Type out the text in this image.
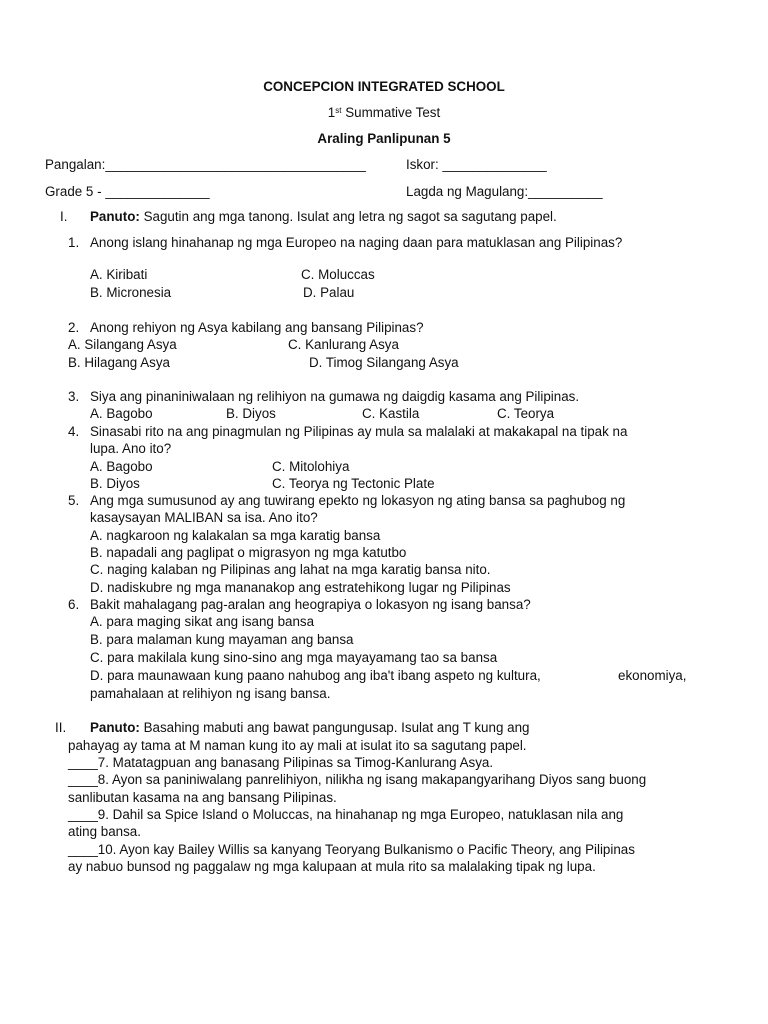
CONCEPCION INTEGRATED SCHOOL
1st Summative Test
Araling Panlipunan 5
Pangalan:___________________________________	Iskor: ______________
Grade 5 - ______________	Lagda ng Magulang:__________
I. Panuto: Sagutin ang mga tanong. Isulat ang letra ng sagot sa sagutang papel.
1. Anong islang hinahanap ng mga Europeo na naging daan para matuklasan ang Pilipinas?
A. Kiribati	C. Moluccas
B. Micronesia	D. Palau
2. Anong rehiyon ng Asya kabilang ang bansang Pilipinas?
A. Silangang Asya	C. Kanlurang Asya
B. Hilagang Asya	D. Timog Silangang Asya
3. Siya ang pinaniniwalaan ng relihiyon na gumawa ng daigdig kasama ang Pilipinas.
A. Bagobo	B. Diyos	C. Kastila	C. Teorya
4. Sinasabi rito na ang pinagmulan ng Pilipinas ay mula sa malalaki at makakapal na tipak na
lupa. Ano ito?
A. Bagobo	C. Mitolohiya
B. Diyos	C. Teorya ng Tectonic Plate
5. Ang mga sumusunod ay ang tuwirang epekto ng lokasyon ng ating bansa sa paghubog ng
kasaysayan MALIBAN sa isa. Ano ito?
A. nagkaroon ng kalakalan sa mga karatig bansa
B. napadali ang paglipat o migrasyon ng mga katutbo
C. naging kalaban ng Pilipinas ang lahat na mga karatig bansa nito.
D. nadiskubre ng mga mananakop ang estratehikong lugar ng Pilipinas
6. Bakit mahalagang pag-aralan ang heograpiya o lokasyon ng isang bansa?
A. para maging sikat ang isang bansa
B. para malaman kung mayaman ang bansa
C. para makilala kung sino-sino ang mga mayayamang tao sa bansa
D. para maunawaan kung paano nahubog ang iba't ibang aspeto ng kultura,	ekonomiya,
pamahalaan at relihiyon ng isang bansa.
II. Panuto: Basahing mabuti ang bawat pangungusap. Isulat ang T kung ang
pahayag ay tama at M naman kung ito ay mali at isulat ito sa sagutang papel.
____7. Matatagpuan ang banasang Pilipinas sa Timog-Kanlurang Asya.
____8. Ayon sa paniniwalang panrelihiyon, nilikha ng isang makapangyarihang Diyos sang buong
sanlibutan kasama na ang bansang Pilipinas.
____9. Dahil sa Spice Island o Moluccas, na hinahanap ng mga Europeo, natuklasan nila ang
ating bansa.
____10. Ayon kay Bailey Willis sa kanyang Teoryang Bulkanismo o Pacific Theory, ang Pilipinas
ay nabuo bunsod ng paggalaw ng mga kalupaan at mula rito sa malalaking tipak ng lupa.
